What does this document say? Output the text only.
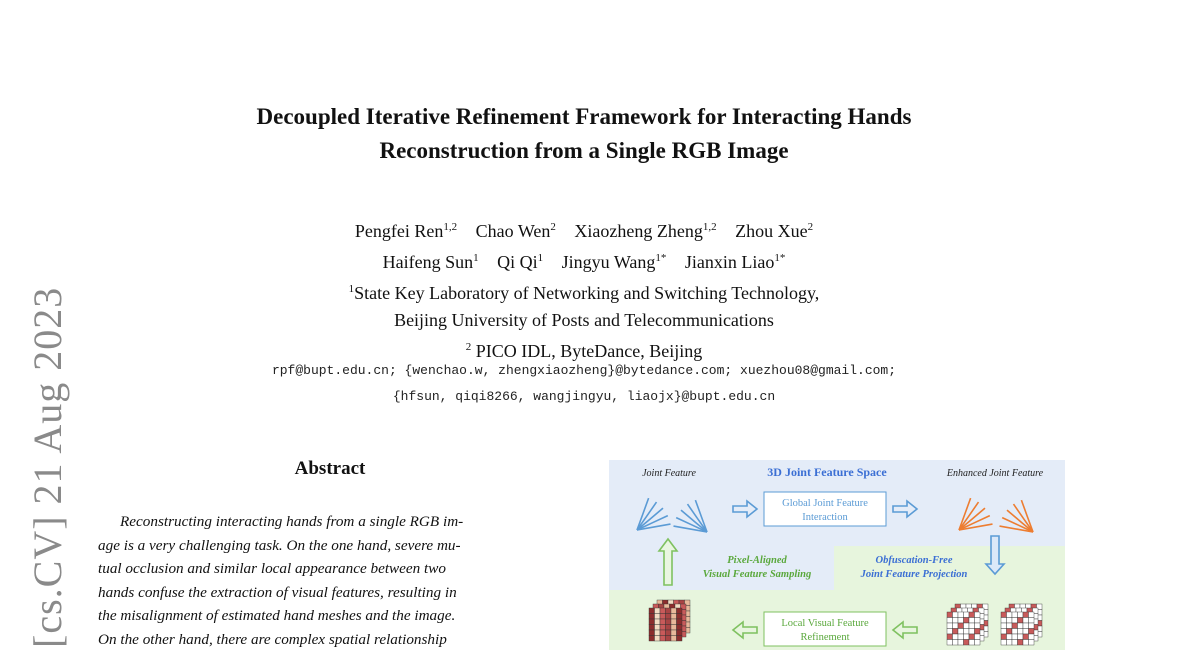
[cs.CV] 21 Aug 2023
Decoupled Iterative Refinement Framework for Interacting Hands
Reconstruction from a Single RGB Image
Pengfei Ren$^{1,2}$ Chao Wen$^2$ Xiaozheng Zheng$^{1,2}$ Zhou Xue$^2$
Haifeng Sun$^1$ Qi Qi$^1$ Jingyu Wang$^{1*}$ Jianxin Liao$^{1*}$
$^1$State Key Laboratory of Networking and Switching Technology,
Beijing University of Posts and Telecommunications
$^2$ PICO IDL, ByteDance, Beijing
rpf@bupt.edu.cn; {wenchao.w, zhengxiaozheng}@bytedance.com; xuezhou08@gmail.com;
{hfsun, qiqi8266, wangjingyu, liaojx}@bupt.edu.cn
Abstract

Reconstructing interacting hands from a single RGB im-

age is a very challenging task. On the one hand, severe mu-
tual occlusion and similar local appearance between two
hands confuse the extraction of visual features, resulting in
the misalignment of estimated hand meshes and the image.
On the other hand, there are complex spatial relationship
Joint Feature	3D Joint Feature Space	Enhanced Joint Feature
Global Joint Feature
Interaction
Obfuscation-Free
Joint Feature Projection
Pixel-Aligned
Visual Feature Sampling
Local Visual Feature
Refinement
